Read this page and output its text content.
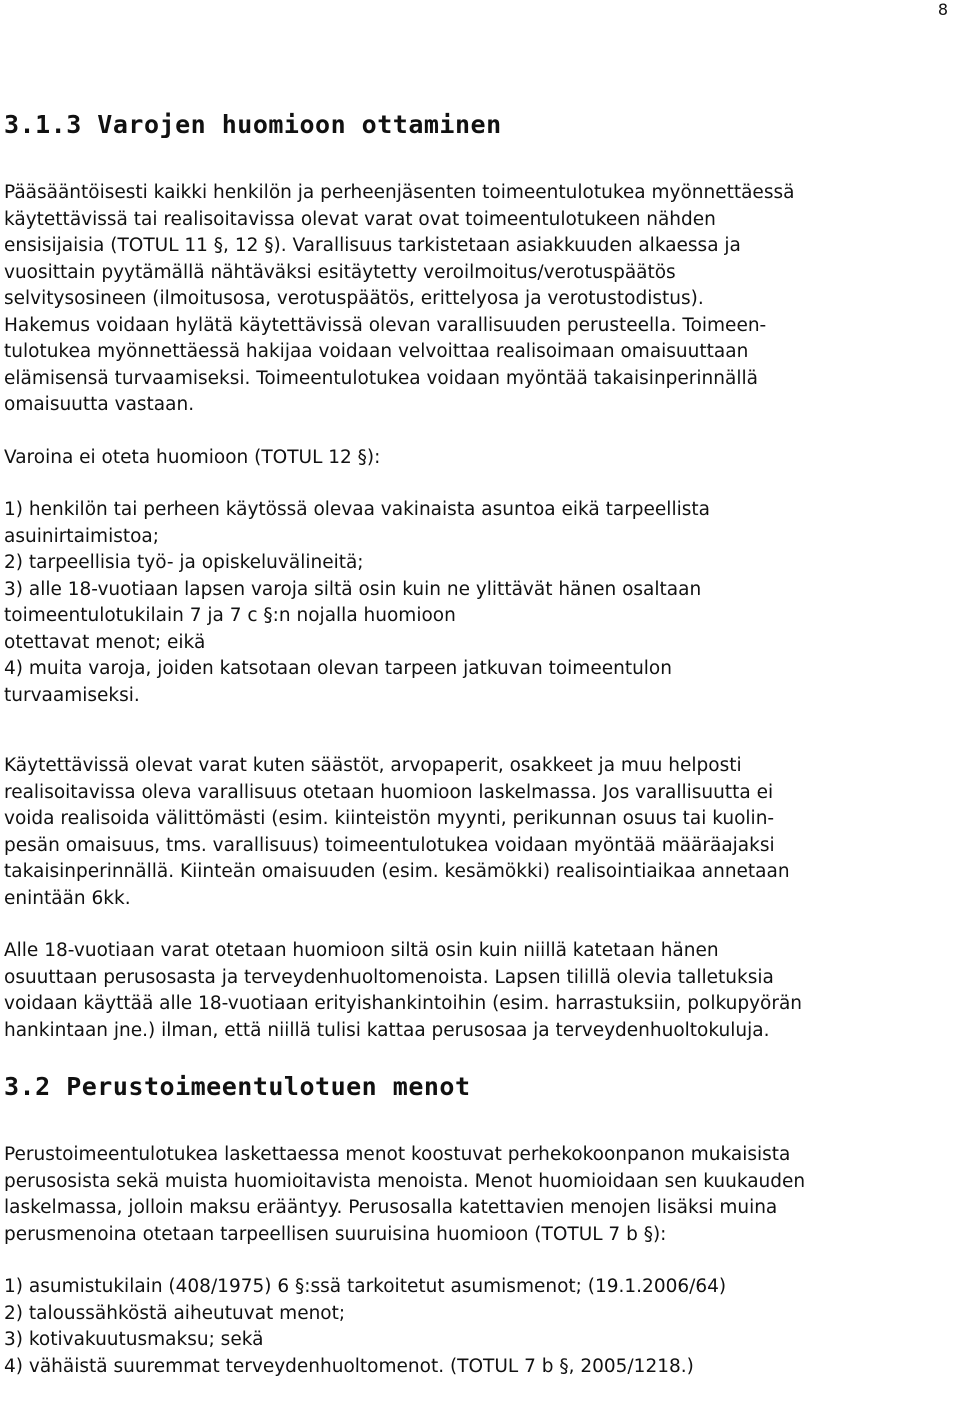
8
3.1.3 Varojen huomioon ottaminen
Pääsääntöisesti kaikki henkilön ja perheenjäsenten toimeentulotukea myönnettäessä
käytettävissä tai realisoitavissa olevat varat ovat toimeentulotukeen nähden
ensisijaisia (TOTUL 11 §, 12 §). Varallisuus tarkistetaan asiakkuuden alkaessa ja
vuosittain pyytämällä nähtäväksi esitäytetty veroilmoitus/verotuspäätös
selvitysosineen (ilmoitusosa, verotuspäätös, erittelyosa ja verotustodistus).
Hakemus voidaan hylätä käytettävissä olevan varallisuuden perusteella. Toimeen-
tulotukea myönnettäessä hakijaa voidaan velvoittaa realisoimaan omaisuuttaan
elämisensä turvaamiseksi. Toimeentulotukea voidaan myöntää takaisinperinnällä
omaisuutta vastaan.
Varoina ei oteta huomioon (TOTUL 12 §):
1) henkilön tai perheen käytössä olevaa vakinaista asuntoa eikä tarpeellista
asuinirtaimistoa;
2) tarpeellisia työ- ja opiskeluvälineitä;
3) alle 18-vuotiaan lapsen varoja siltä osin kuin ne ylittävät hänen osaltaan
toimeentulotukilain 7 ja 7 c §:n nojalla huomioon
otettavat menot; eikä
4) muita varoja, joiden katsotaan olevan tarpeen jatkuvan toimeentulon
turvaamiseksi.
Käytettävissä olevat varat kuten säästöt, arvopaperit, osakkeet ja muu helposti
realisoitavissa oleva varallisuus otetaan huomioon laskelmassa. Jos varallisuutta ei
voida realisoida välittömästi (esim. kiinteistön myynti, perikunnan osuus tai kuolin-
pesän omaisuus, tms. varallisuus) toimeentulotukea voidaan myöntää määräajaksi
takaisinperinnällä. Kiinteän omaisuuden (esim. kesämökki) realisointiaikaa annetaan
enintään 6kk.
Alle 18-vuotiaan varat otetaan huomioon siltä osin kuin niillä katetaan hänen
osuuttaan perusosasta ja terveydenhuoltomenoista. Lapsen tilillä olevia talletuksia
voidaan käyttää alle 18-vuotiaan erityishankintoihin (esim. harrastuksiin, polkupyörän
hankintaan jne.) ilman, että niillä tulisi kattaa perusosaa ja terveydenhuoltokuluja.
3.2 Perustoimeentulotuen menot
Perustoimeentulotukea laskettaessa menot koostuvat perhekokoonpanon mukaisista
perusosista sekä muista huomioitavista menoista. Menot huomioidaan sen kuukauden
laskelmassa, jolloin maksu erääntyy. Perusosalla katettavien menojen lisäksi muina
perusmenoina otetaan tarpeellisen suuruisina huomioon (TOTUL 7 b §):
1) asumistukilain (408/1975) 6 §:ssä tarkoitetut asumismenot; (19.1.2006/64)
2) taloussähköstä aiheutuvat menot;
3) kotivakuutusmaksu; sekä
4) vähäistä suuremmat terveydenhuoltomenot. (TOTUL 7 b §, 2005/1218.)
